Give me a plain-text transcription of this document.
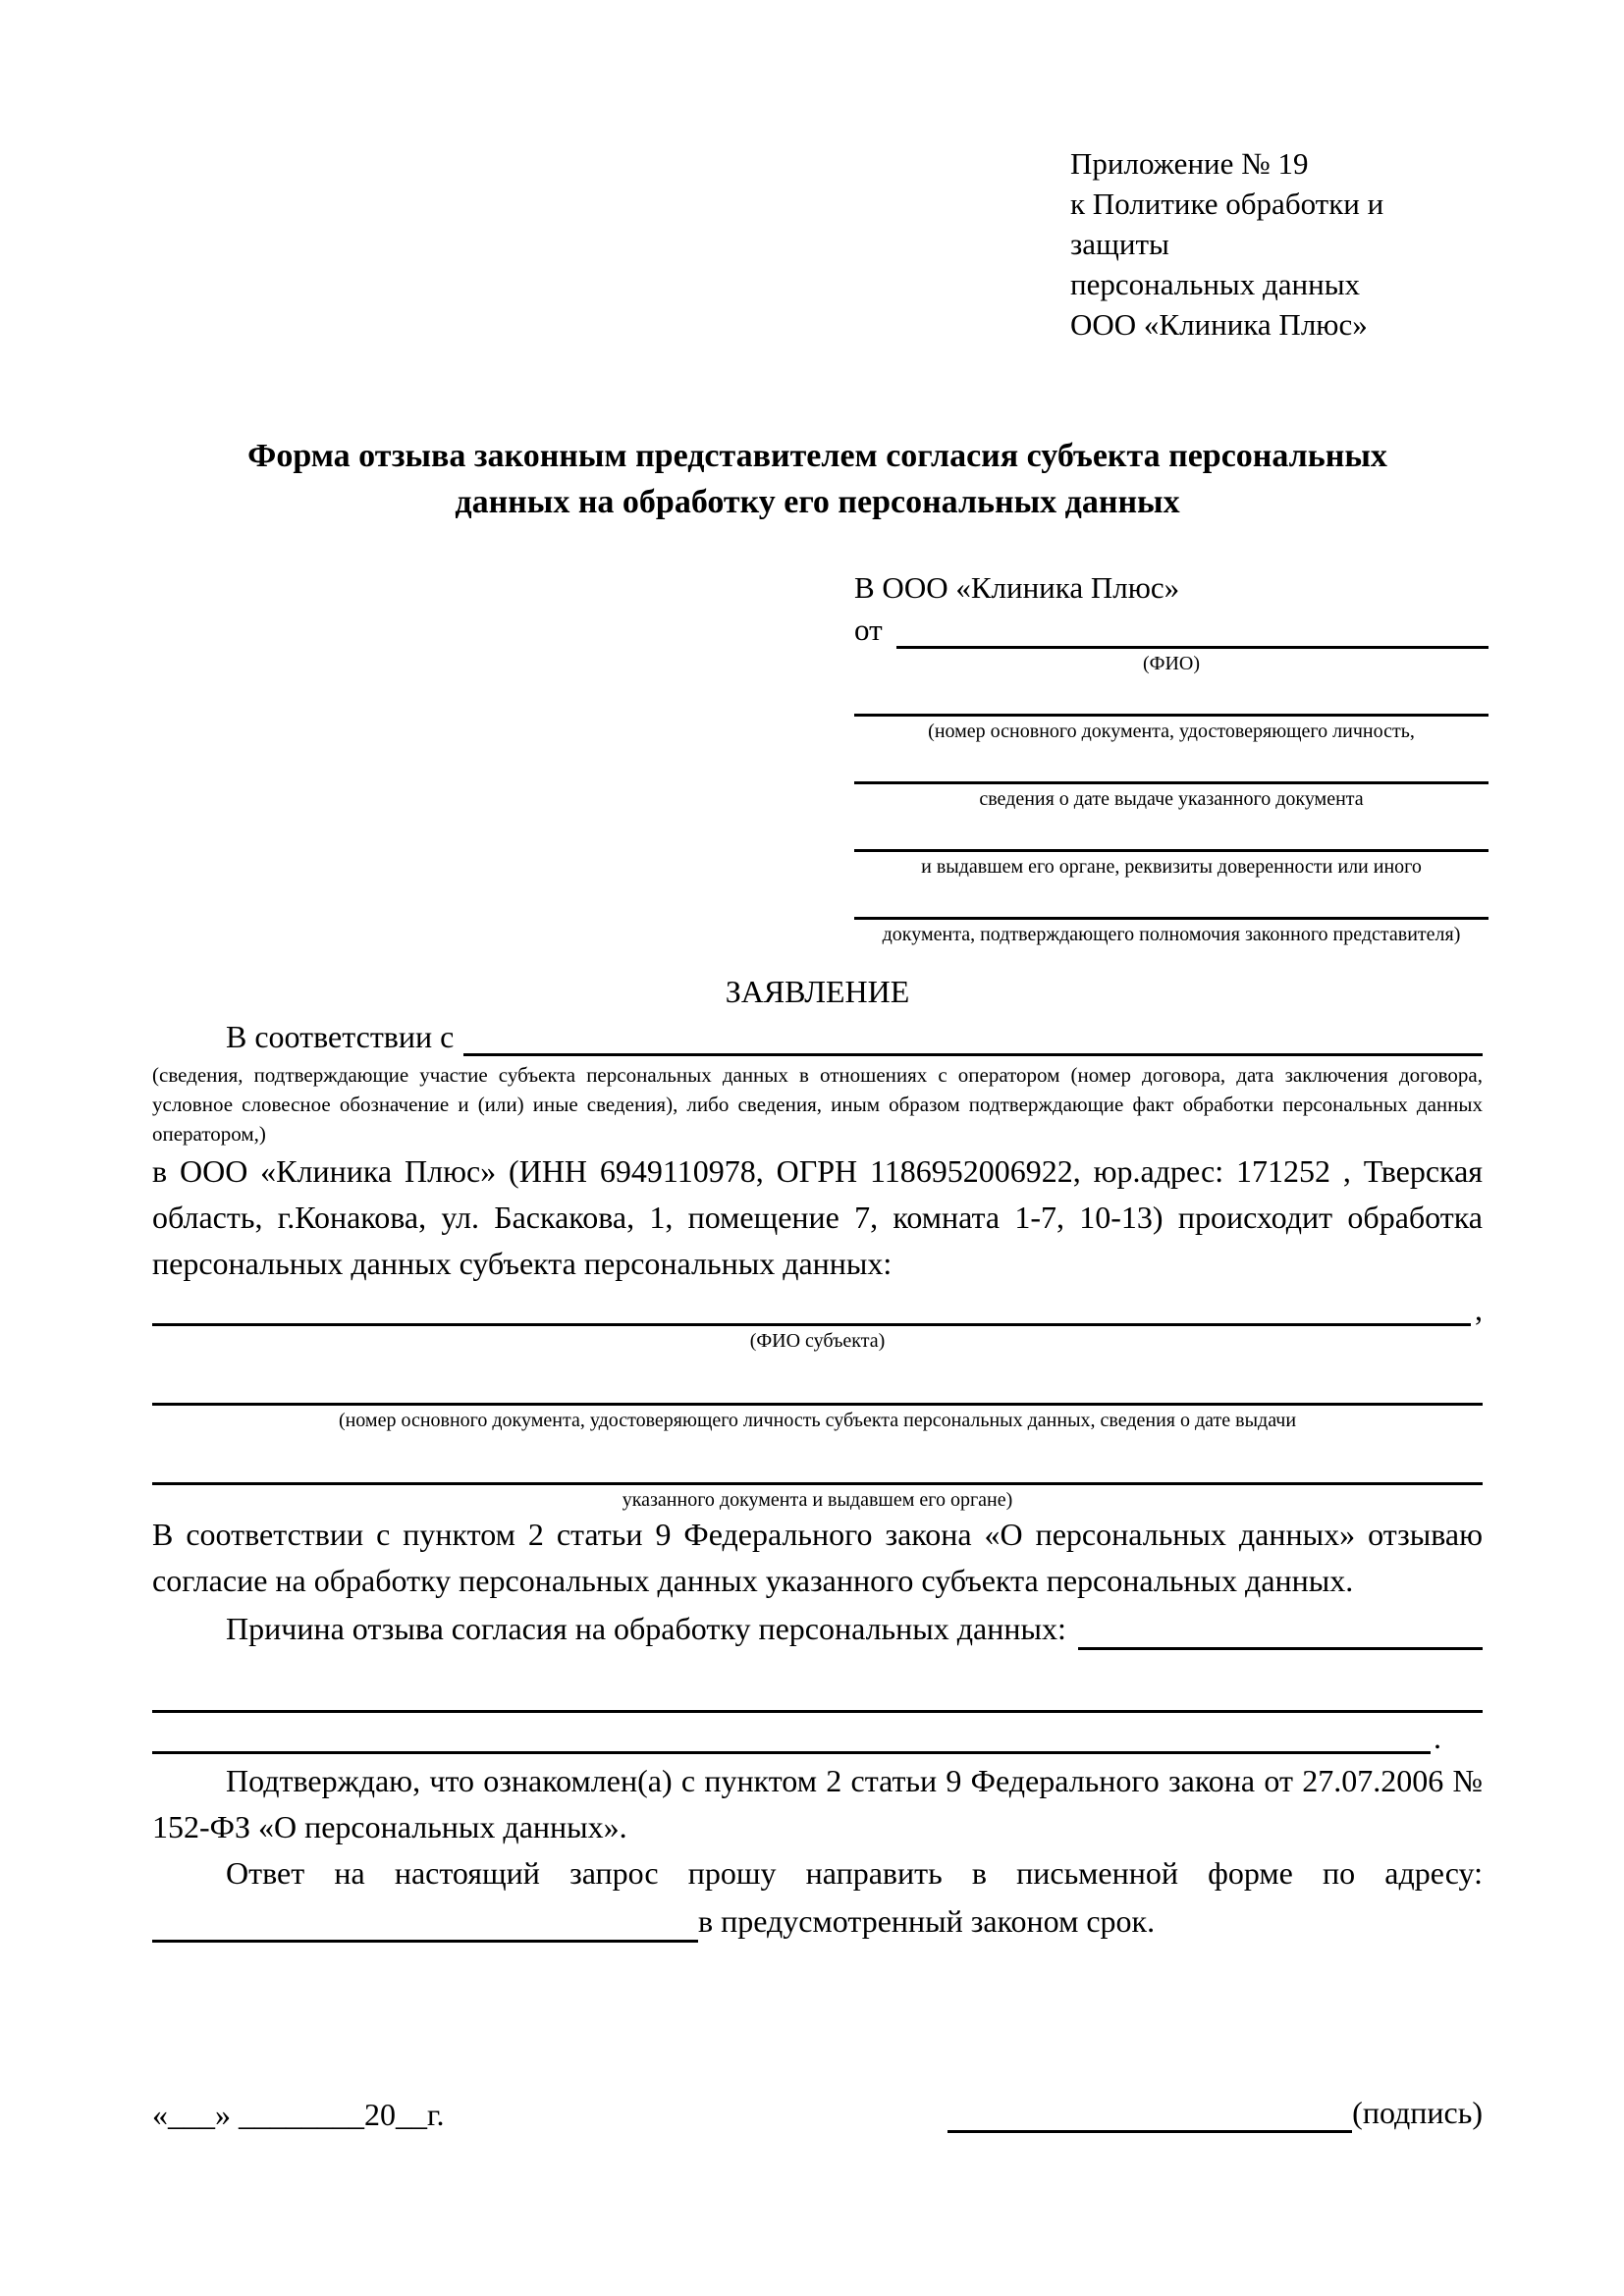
Приложение № 19
к Политике обработки и защиты
персональных данных
ООО «Клиника Плюс»
Форма отзыва законным представителем согласия субъекта персональных данных на обработку его персональных данных
В ООО «Клиника Плюс»
от
(ФИО)
(номер основного документа, удостоверяющего личность,
сведения о дате выдаче указанного документа
и выдавшем его органе, реквизиты доверенности или иного
документа, подтверждающего полномочия законного представителя)
ЗАЯВЛЕНИЕ
В соответствии с
(сведения, подтверждающие участие субъекта персональных данных в отношениях с оператором (номер договора, дата заключения договора, условное словесное обозначение и (или) иные сведения), либо сведения, иным образом подтверждающие факт обработки персональных данных оператором,)
в ООО «Клиника Плюс» (ИНН 6949110978, ОГРН 1186952006922, юр.адрес: 171252 , Тверская область, г.Конакова, ул. Баскакова, 1, помещение 7, комната 1-7, 10-13) происходит обработка персональных данных субъекта персональных данных:
,
(ФИО субъекта)
(номер основного документа, удостоверяющего личность субъекта персональных данных, сведения о дате выдачи
указанного документа и выдавшем его органе)
В соответствии с пунктом 2 статьи 9 Федерального закона «О персональных данных» отзываю согласие на обработку персональных данных указанного субъекта персональных данных.
Причина отзыва согласия на обработку персональных данных:
.
Подтверждаю, что ознакомлен(а) с пунктом 2 статьи 9 Федерального закона от 27.07.2006 № 152-ФЗ «О персональных данных».
Ответ на настоящий запрос прошу направить в письменной форме по адресу:
в предусмотренный законом срок.
«___» ________20__г.	(подпись)
